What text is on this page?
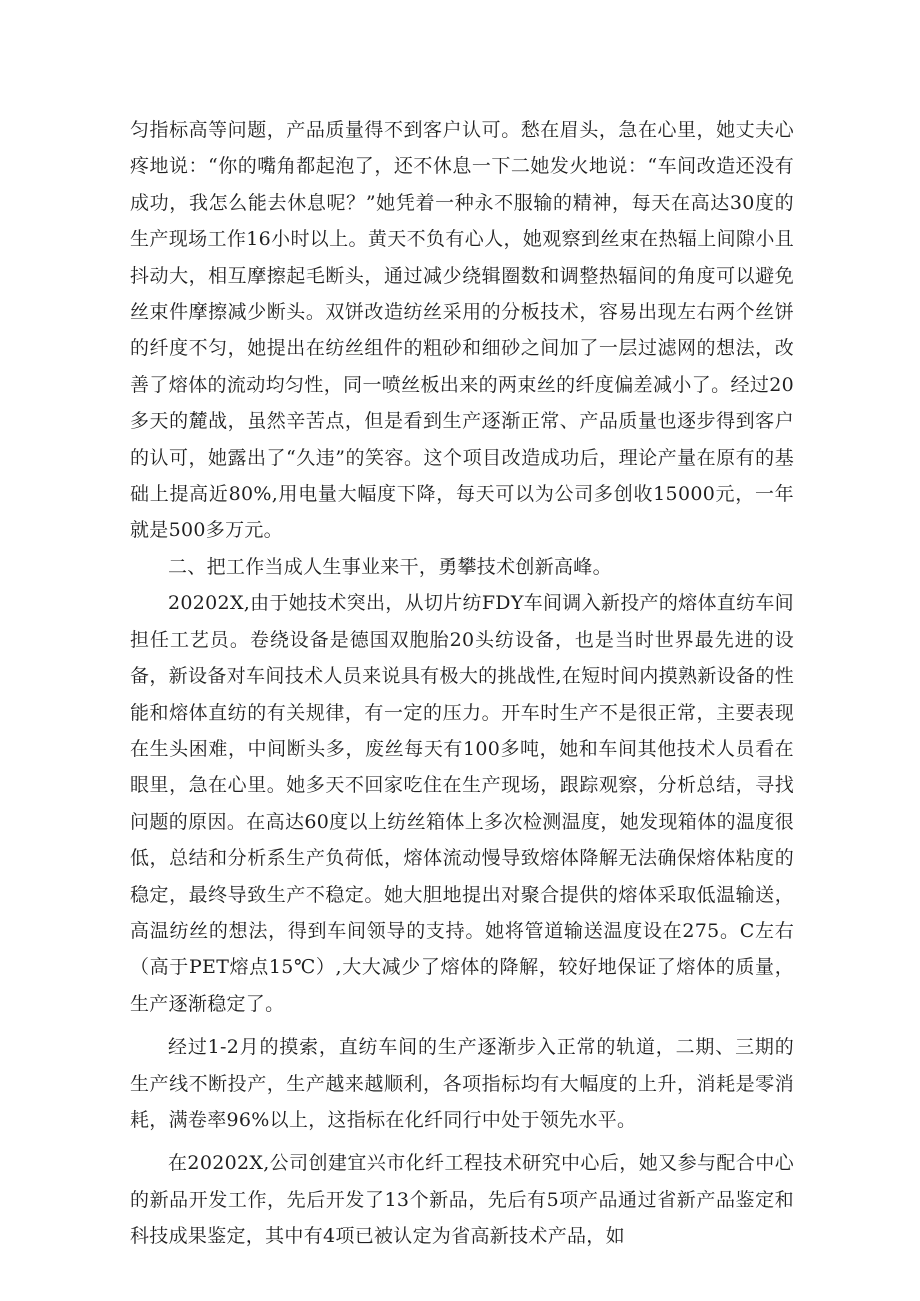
匀指标高等问题，产品质量得不到客户认可。愁在眉头，急在心里，她丈夫心疼地说：“你的嘴角都起泡了，还不休息一下二她发火地说：“车间改造还没有成功，我怎么能去休息呢？”她凭着一种永不服输的精神，每天在高达30度的生产现场工作16小时以上。黄天不负有心人，她观察到丝束在热辐上间隙小且抖动大，相互摩擦起毛断头，通过减少绕辑圈数和调整热辐间的角度可以避免丝束件摩擦减少断头。双饼改造纺丝采用的分板技术，容易出现左右两个丝饼的纤度不匀，她提出在纺丝组件的粗砂和细砂之间加了一层过滤网的想法，改善了熔体的流动均匀性，同一喷丝板出来的两束丝的纤度偏差减小了。经过20多天的麓战，虽然辛苦点，但是看到生产逐渐正常、产品质量也逐步得到客户的认可，她露出了“久违”的笑容。这个项目改造成功后，理论产量在原有的基础上提高近80%,用电量大幅度下降，每天可以为公司多创收15000元，一年就是500多万元。

二、把工作当成人生事业来干，勇攀技术创新高峰。

20202X,由于她技术突出，从切片纺FDY车间调入新投产的熔体直纺车间担任工艺员。卷绕设备是德国双胞胎20头纺设备，也是当时世界最先进的设备，新设备对车间技术人员来说具有极大的挑战性,在短时间内摸熟新设备的性能和熔体直纺的有关规律，有一定的压力。开车时生产不是很正常，主要表现在生头困难，中间断头多，废丝每天有100多吨，她和车间其他技术人员看在眼里，急在心里。她多天不回家吃住在生产现场，跟踪观察，分析总结，寻找问题的原因。在高达60度以上纺丝箱体上多次检测温度，她发现箱体的温度很低，总结和分析系生产负荷低，熔体流动慢导致熔体降解无法确保熔体粘度的稳定，最终导致生产不稳定。她大胆地提出对聚合提供的熔体采取低温输送，高温纺丝的想法，得到车间领导的支持。她将管道输送温度设在275。C左右（高于PET熔点15℃）,大大减少了熔体的降解，较好地保证了熔体的质量，生产逐渐稳定了。

经过1-2月的摸索，直纺车间的生产逐渐步入正常的轨道，二期、三期的生产线不断投产，生产越来越顺利，各项指标均有大幅度的上升，消耗是零消耗，满卷率96%以上，这指标在化纤同行中处于领先水平。

在20202X,公司创建宜兴市化纤工程技术研究中心后，她又参与配合中心的新品开发工作，先后开发了13个新品，先后有5项产品通过省新产品鉴定和科技成果鉴定，其中有4项已被认定为省高新技术产品，如
